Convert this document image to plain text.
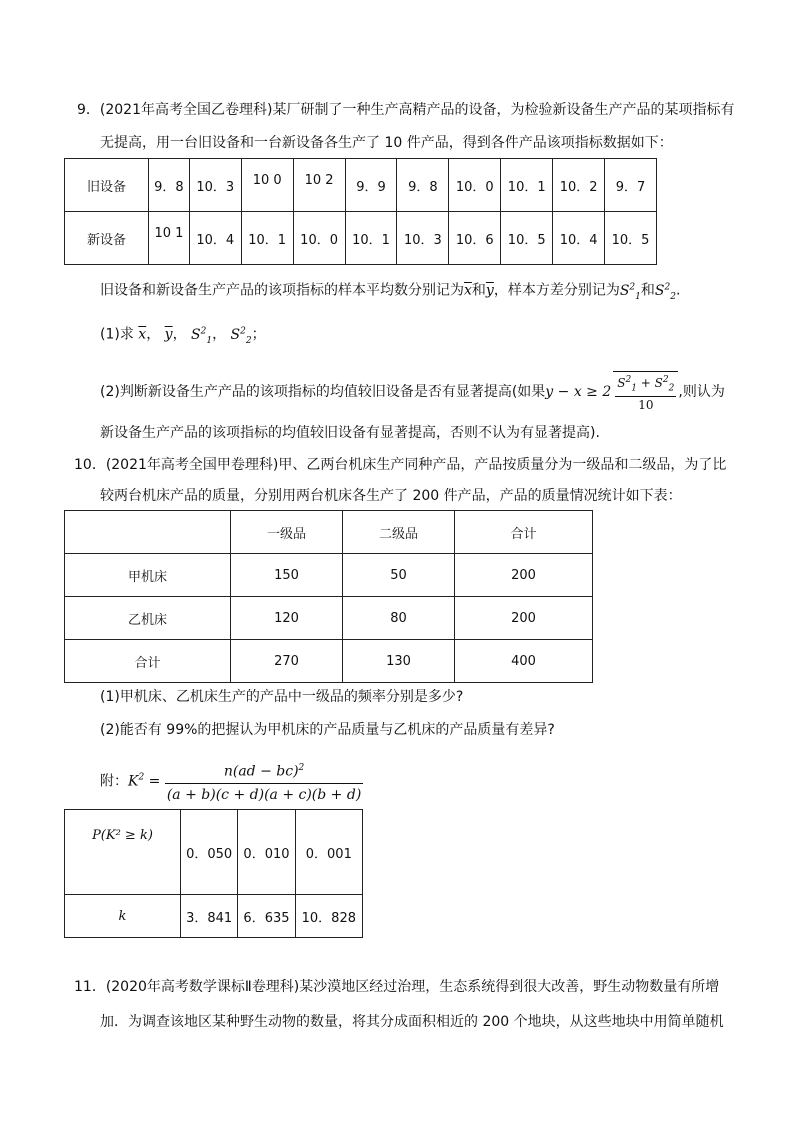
9．(2021年高考全国乙卷理科)某厂研制了一种生产高精产品的设备，为检验新设备生产产品的某项指标有
无提高，用一台旧设备和一台新设备各生产了 10 件产品，得到各件产品该项指标数据如下：
旧设备	9．8	10．3	10 0	10 2	9．9	9．8	10．0	10．1	10．2	9．7
新设备	10 1	10．4	10．1	10．0	10．1	10．3	10．6	10．5	10．4	10．5
旧设备和新设备生产产品的该项指标的样本平均数分别记为$\overline{x}$和$\overline{y}$，样本方差分别记为$S^2_1$和$S^2_2$.
(1)求 $\overline{x}$， $\overline{y}$， $S^2_1$， $S^2_2$；
(2)判断新设备生产产品的该项指标的均值较旧设备是否有显著提高(如果$y - x \ge 2 \frac{S^2_1 + S^2_2}{10}$ ,则认为
新设备生产产品的该项指标的均值较旧设备有显著提高，否则不认为有显著提高).
10．(2021年高考全国甲卷理科)甲、乙两台机床生产同种产品，产品按质量分为一级品和二级品，为了比
较两台机床产品的质量，分别用两台机床各生产了 200 件产品，产品的质量情况统计如下表：
	一级品	二级品	合计
甲机床	150	50	200
乙机床	120	80	200
合计	270	130	400
(1)甲机床、乙机床生产的产品中一级品的频率分别是多少?
(2)能否有 99%的把握认为甲机床的产品质量与乙机床的产品质量有差异?
附：$K^2 = \frac{n(ad - bc)^2}{(a + b)(c + d)(a + c)(b + d)}$
P(K² ≥ k)	0．050	0．010	0．001
k	3．841	6．635	10．828
11．(2020年高考数学课标Ⅱ卷理科)某沙漠地区经过治理，生态系统得到很大改善，野生动物数量有所增
加．为调查该地区某种野生动物的数量，将其分成面积相近的 200 个地块，从这些地块中用简单随机
